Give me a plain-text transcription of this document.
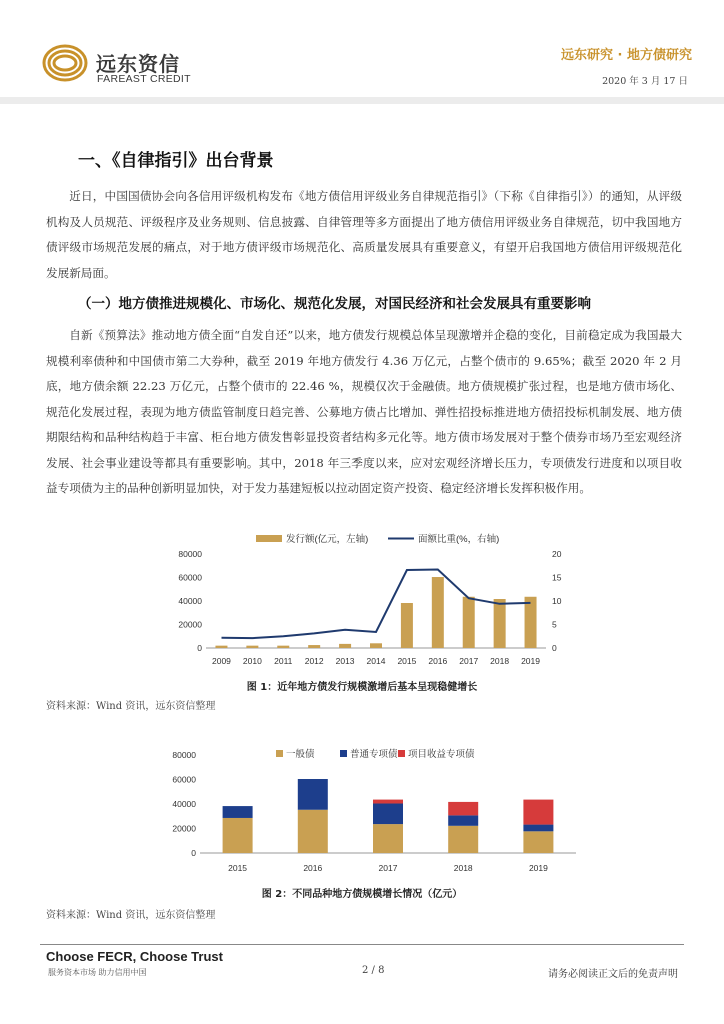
远东资信
FAREAST CREDIT
远东研究 · 地方债研究
2020 年 3 月 17 日
一、《自律指引》出台背景

近日，中国国债协会向各信用评级机构发布《地方债信用评级业务自律规范指引》（下称《自律指引》）的通知，从评级机构及人员规范、评级程序及业务规则、信息披露、自律管理等多方面提出了地方债信用评级业务自律规范，切中我国地方债评级市场规范发展的痛点，对于地方债评级市场规范化、高质量发展具有重要意义，有望开启我国地方债信用评级规范化发展新局面。

（一）地方债推进规模化、市场化、规范化发展，对国民经济和社会发展具有重要影响

自新《预算法》推动地方债全面“自发自还”以来，地方债发行规模总体呈现激增并企稳的变化，目前稳定成为我国最大规模利率债种和中国债市第二大券种，截至 2019 年地方债发行 4.36 万亿元，占整个债市的 9.65%；截至 2020 年 2 月底，地方债余额 22.23 万亿元，占整个债市的 22.46 %，规模仅次于金融债。地方债规模扩张过程，也是地方债市场化、规范化发展过程，表现为地方债监管制度日趋完善、公募地方债占比增加、弹性招投标推进地方债招投标机制发展、地方债期限结构和品种结构趋于丰富、柜台地方债发售彰显投资者结构多元化等。地方债市场发展对于整个债券市场乃至宏观经济发展、社会事业建设等都具有重要影响。其中，2018 年三季度以来，应对宏观经济增长压力，专项债发行进度和以项目收益专项债为主的品种创新明显加快，对于发力基建短板以拉动固定资产投资、稳定经济增长发挥积极作用。

发行额(亿元，左轴)	面额比重(%，右轴)
0
20000
40000
60000
80000
0
5
10
15
20
2009 2010 2011 2012 2013 2014 2015 2016 2017 2018 2019
图 1：近年地方债发行规模激增后基本呈现稳健增长
资料来源：Wind 资讯，远东资信整理
一般债	普通专项债 项目收益专项债
0
20000
40000
60000
80000
2015	2016	2017	2018	2019
图 2：不同品种地方债规模增长情况（亿元）
资料来源：Wind 资讯，远东资信整理
Choose FECR, Choose Trust
服务资本市场 助力信用中国	2 / 8	请务必阅读正文后的免责声明
